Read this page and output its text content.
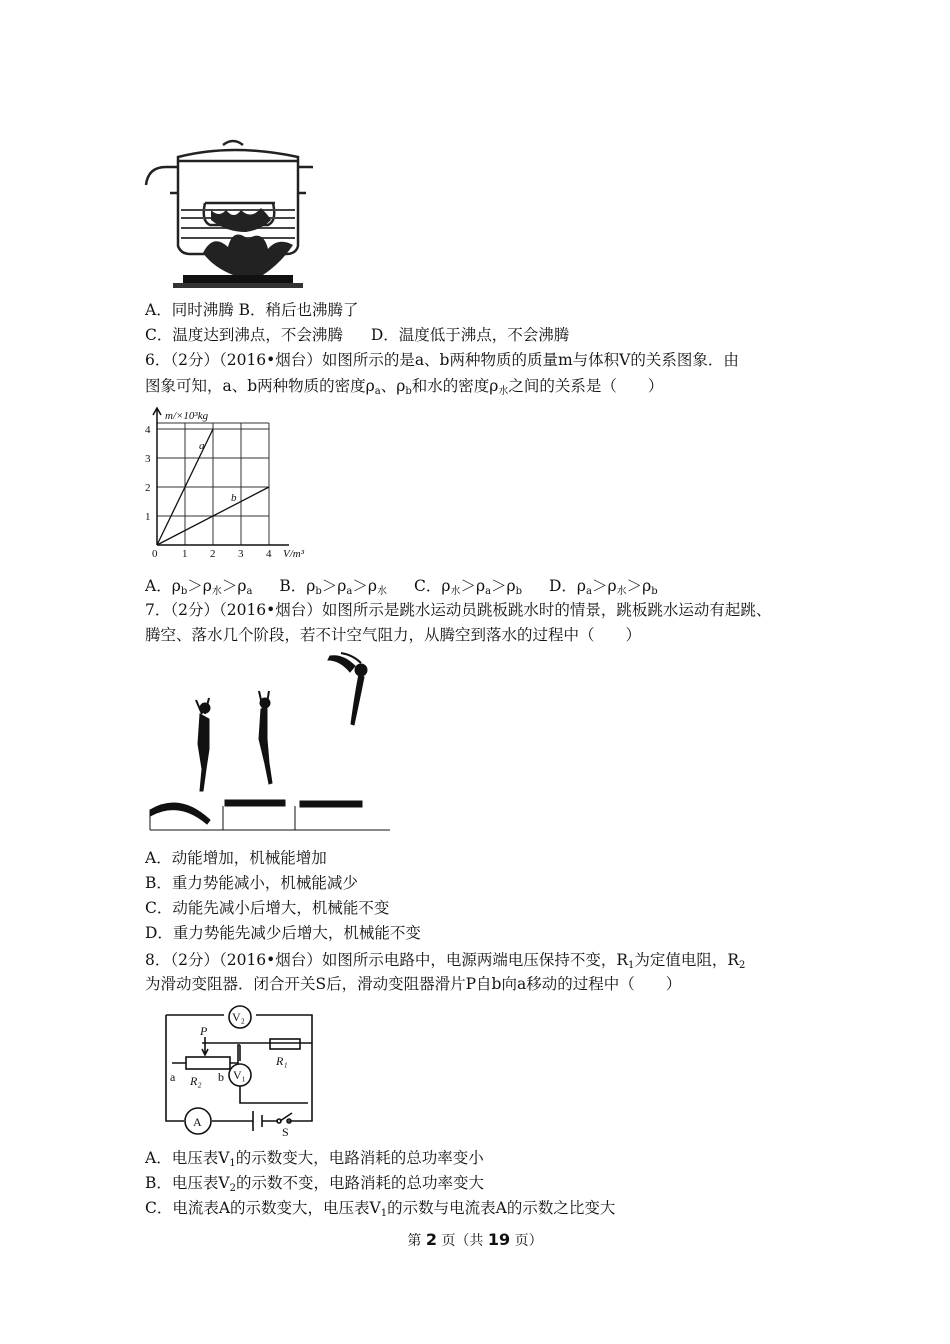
A．同时沸腾 B．稍后也沸腾了
C．温度达到沸点，不会沸腾 D．温度低于沸点，不会沸腾
6．（2分）（2016•烟台）如图所示的是a、b两种物质的质量m与体积V的关系图象．由
图象可知，a、b两种物质的密度$\rho_a$、$\rho_b$和水的密度$\rho_水$之间的关系是（　　）
m/×10³kg
V/m³
0
a
b
4
3
2
1
1 2 3 4
A．$\rho_b>\rho_水>\rho_a$ B．$\rho_b>\rho_a>\rho_水$ C．$\rho_水>\rho_a>\rho_b$ D．$\rho_a>\rho_水>\rho_b$
7．（2分）（2016•烟台）如图所示是跳水运动员跳板跳水时的情景，跳板跳水运动有起跳、
腾空、落水几个阶段，若不计空气阻力，从腾空到落水的过程中（　　）
A．动能增加，机械能增加
B．重力势能减小，机械能减少
C．动能先减小后增大，机械能不变
D．重力势能先减少后增大，机械能不变
8．（2分）（2016•烟台）如图所示电路中，电源两端电压保持不变，$R_1$为定值电阻，$R_2$
为滑动变阻器．闭合开关S后，滑动变阻器滑片P自b向a移动的过程中（　　）
V₂
V₁
A
R₁
R₂
P
a	b
S
A．电压表$V_1$的示数变大，电路消耗的总功率变小
B．电压表$V_2$的示数不变，电路消耗的总功率变大
C．电流表A的示数变大，电压表$V_1$的示数与电流表A的示数之比变大
第 2 页（共 19 页）
